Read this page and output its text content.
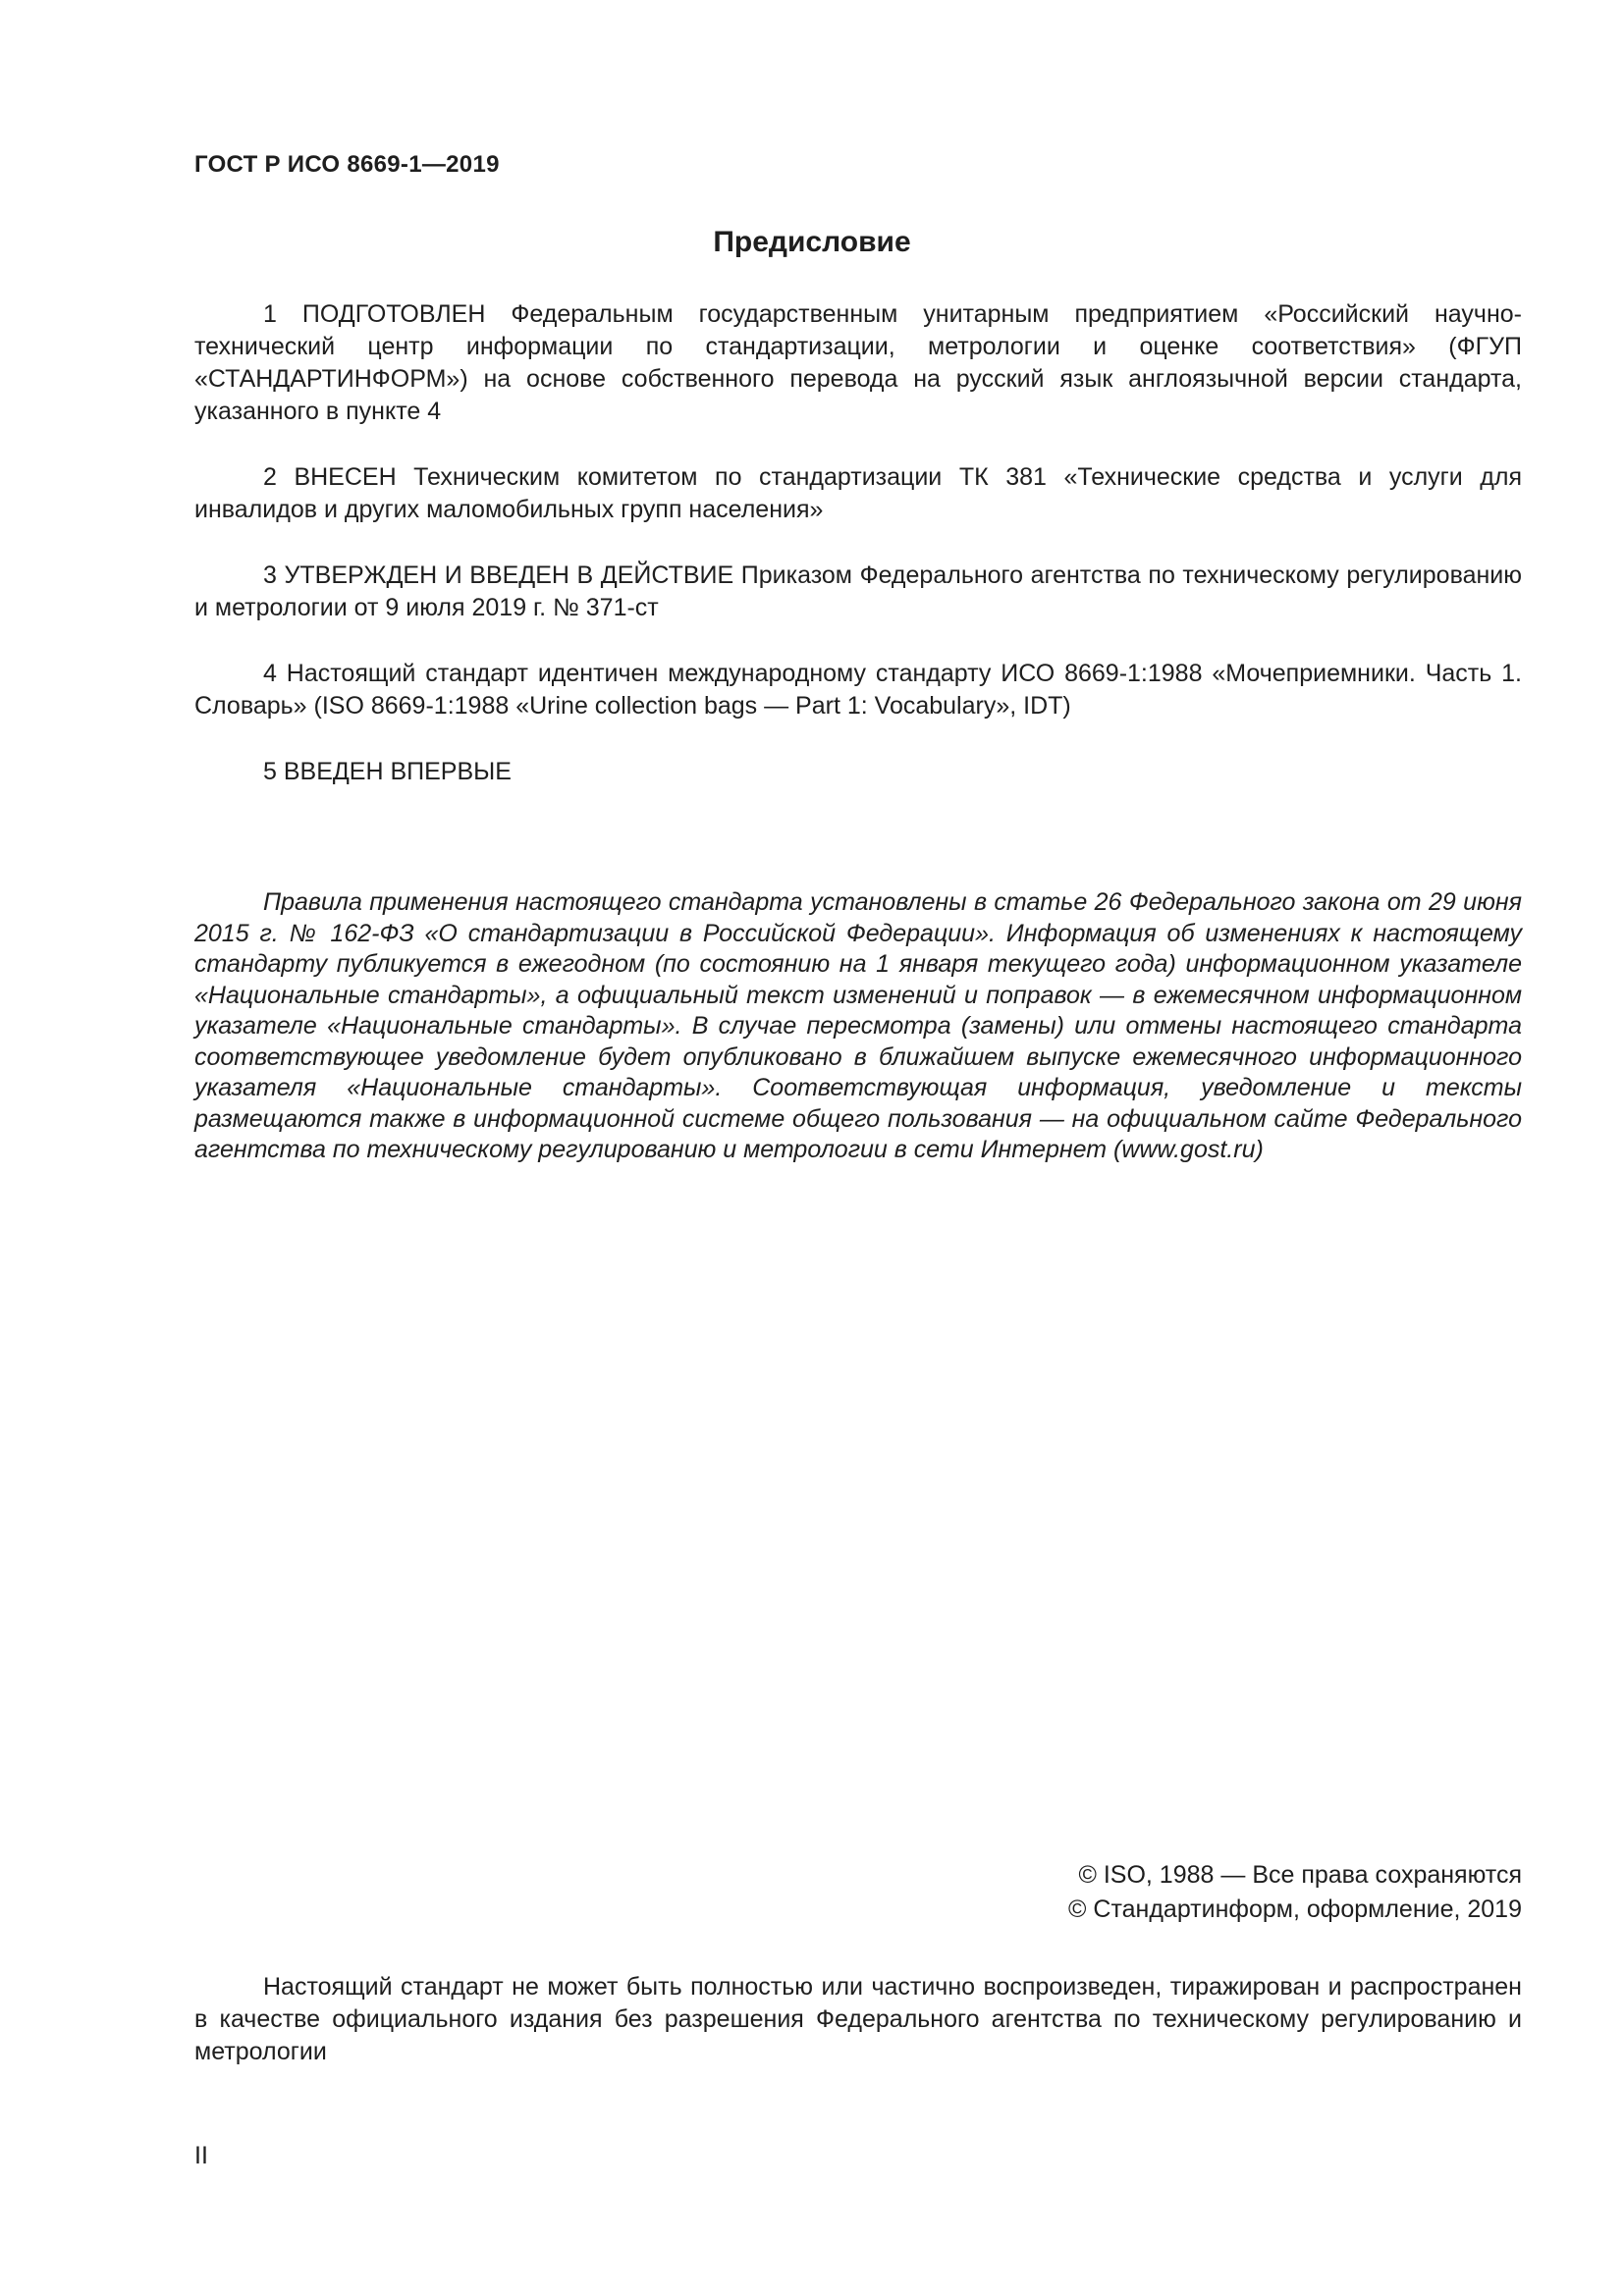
ГОСТ Р ИСО 8669-1—2019
Предисловие

1 ПОДГОТОВЛЕН Федеральным государственным унитарным предприятием «Российский научно-технический центр информации по стандартизации, метрологии и оценке соответствия» (ФГУП «СТАНДАРТИНФОРМ») на основе собственного перевода на русский язык англоязычной версии стандарта, указанного в пункте 4

2 ВНЕСЕН Техническим комитетом по стандартизации ТК 381 «Технические средства и услуги для инвалидов и других маломобильных групп населения»

3 УТВЕРЖДЕН И ВВЕДЕН В ДЕЙСТВИЕ Приказом Федерального агентства по техническому регулированию и метрологии от 9 июля 2019 г. № 371-ст

4 Настоящий стандарт идентичен международному стандарту ИСО 8669-1:1988 «Мочеприемники. Часть 1. Словарь» (ISO 8669-1:1988 «Urine collection bags — Part 1: Vocabulary», IDT)

5 ВВЕДЕН ВПЕРВЫЕ

Правила применения настоящего стандарта установлены в статье 26 Федерального закона от 29 июня 2015 г. № 162-ФЗ «О стандартизации в Российской Федерации». Информация об изменениях к настоящему стандарту публикуется в ежегодном (по состоянию на 1 января текущего года) информационном указателе «Национальные стандарты», а официальный текст изменений и поправок — в ежемесячном информационном указателе «Национальные стандарты». В случае пересмотра (замены) или отмены настоящего стандарта соответствующее уведомление будет опубликовано в ближайшем выпуске ежемесячного информационного указателя «Национальные стандарты». Соответствующая информация, уведомление и тексты размещаются также в информационной системе общего пользования — на официальном сайте Федерального агентства по техническому регулированию и метрологии в сети Интернет (www.gost.ru)

© ISO, 1988 — Все права сохраняются
© Стандартинформ, оформление, 2019

Настоящий стандарт не может быть полностью или частично воспроизведен, тиражирован и распространен в качестве официального издания без разрешения Федерального агентства по техническому регулированию и метрологии

II
